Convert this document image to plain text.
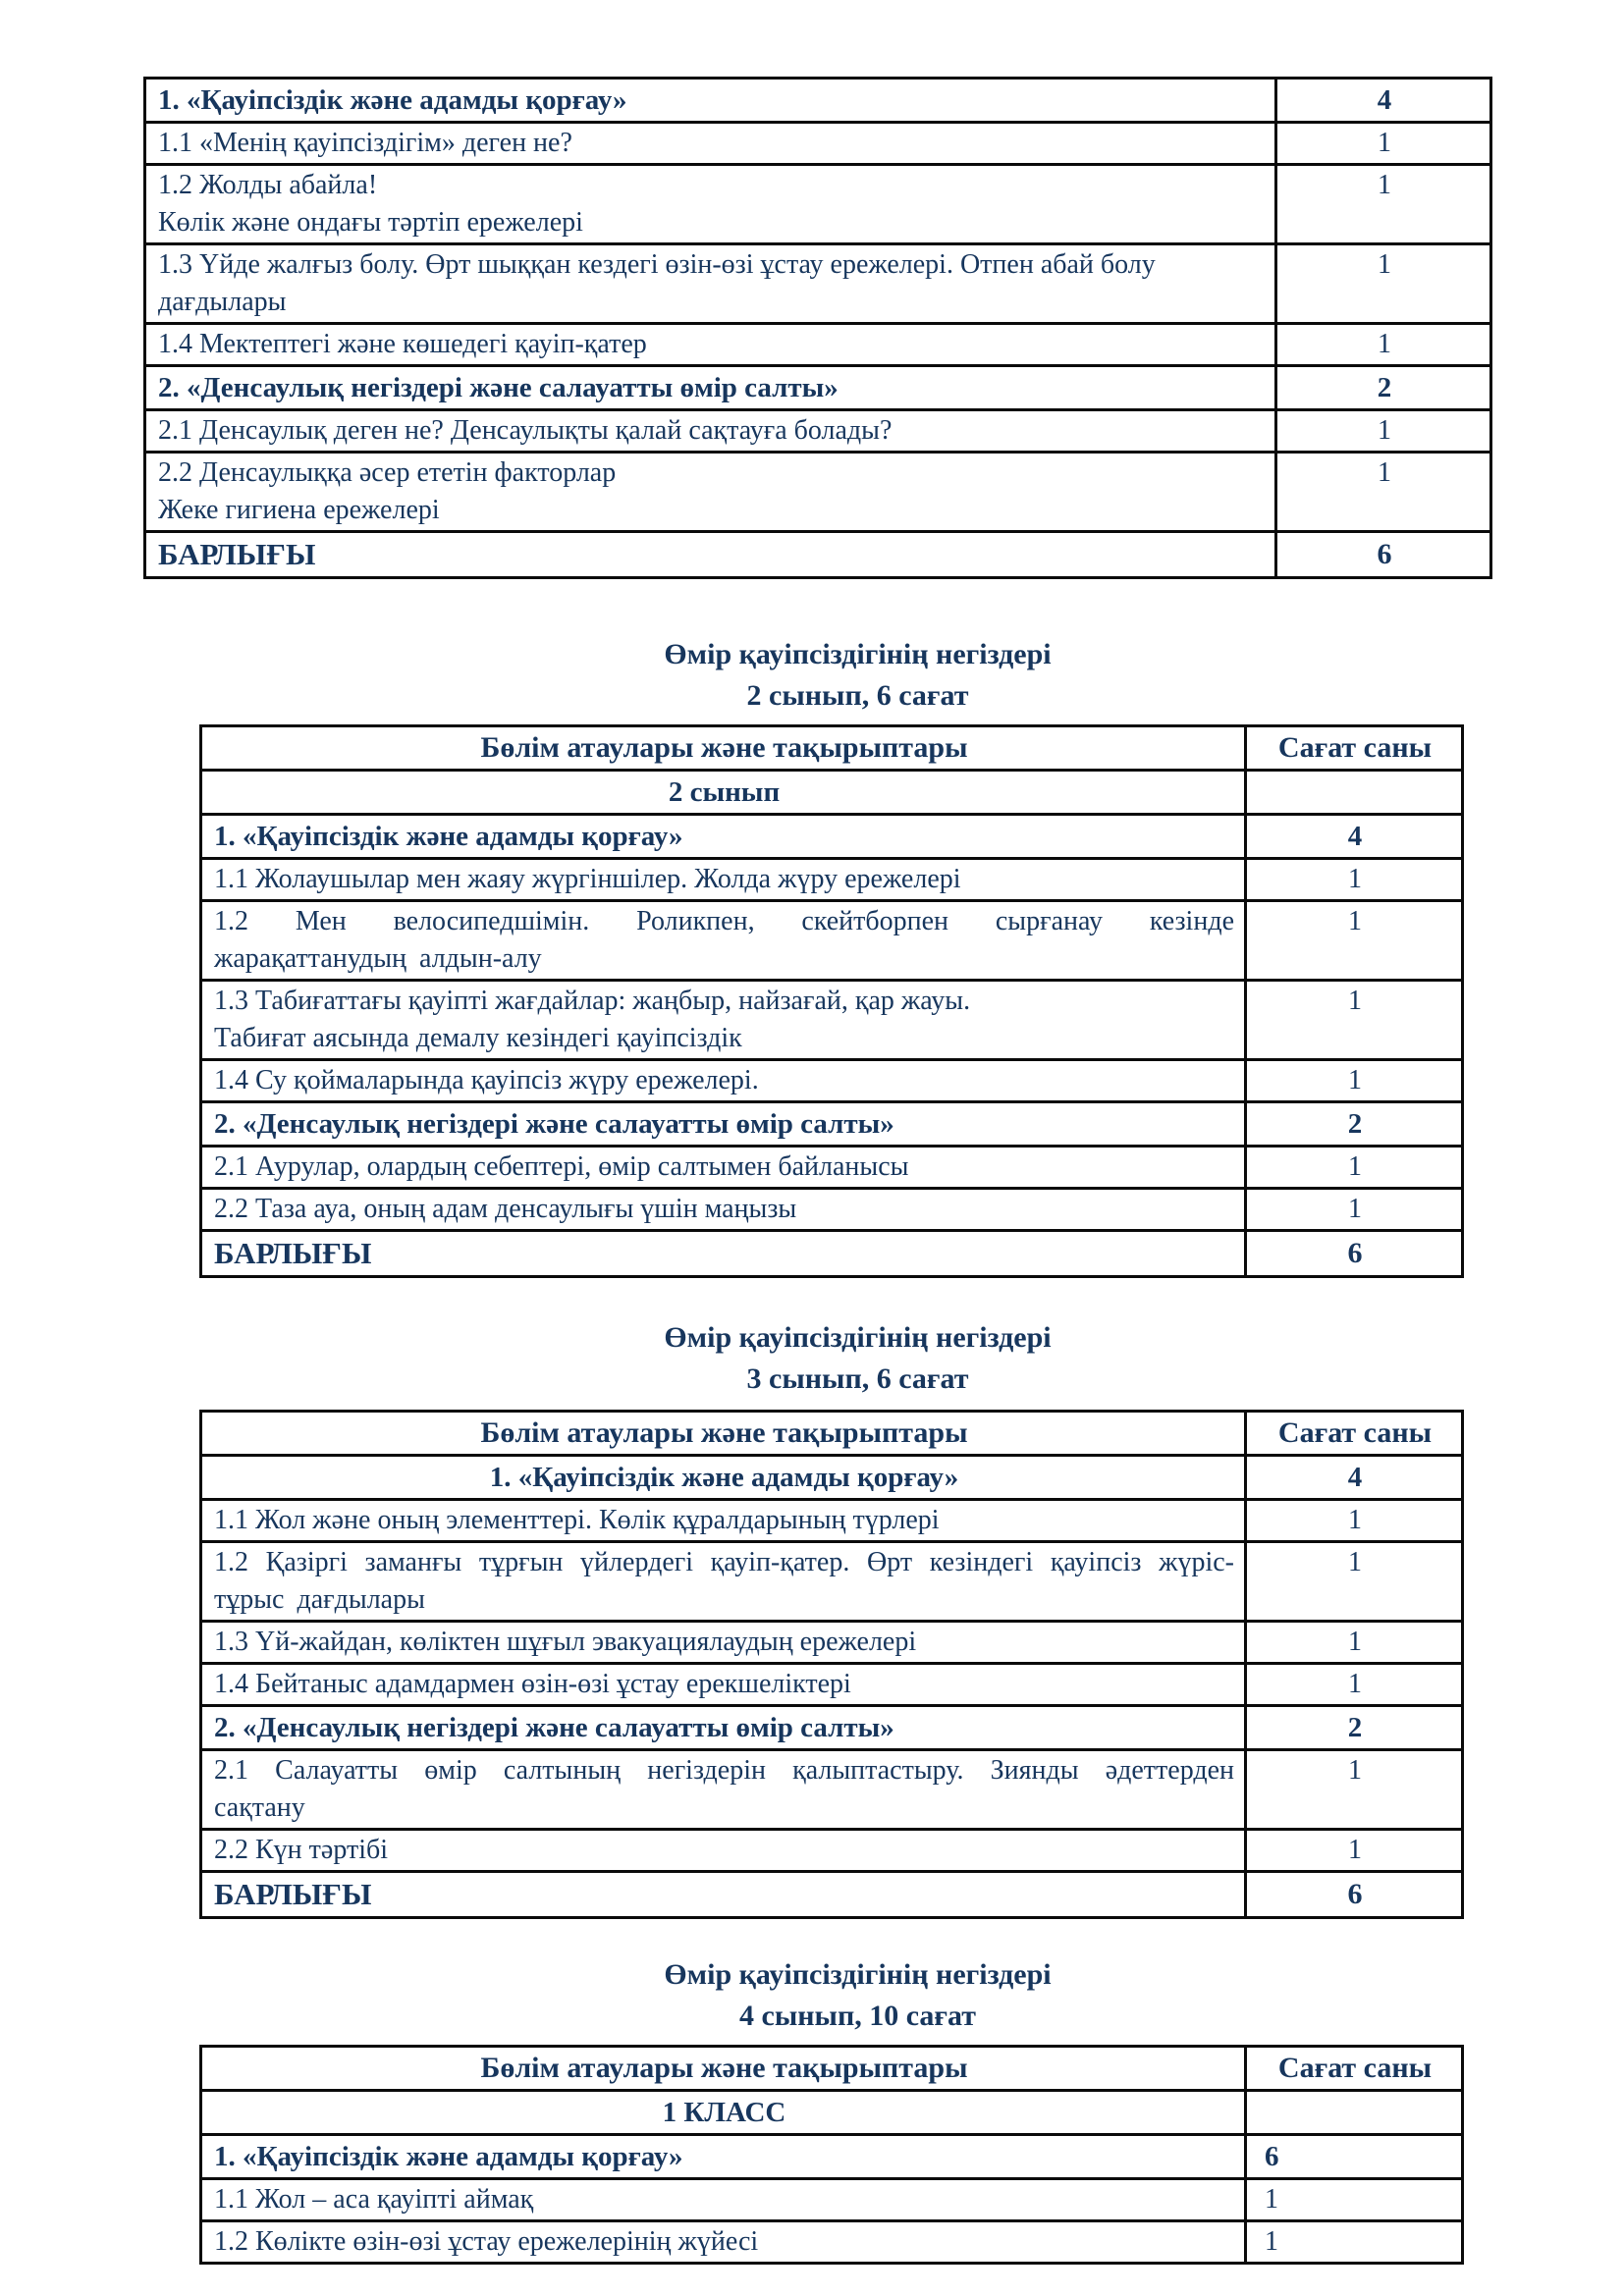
1. «Қауіпсіздік және адамды қорғау»	4

1.1 «Менің қауіпсіздігім» деген не?	1

1.2 Жолды абайла!
Көлік және ондағы тәртіп ережелері	1

1.3 Үйде жалғыз болу. Өрт шыққан кездегі өзін-өзі ұстау ережелері. Отпен абай болу дағдылары	1

1.4 Мектептегі және көшедегі қауіп-қатер	1

2. «Денсаулық негіздері және салауатты өмір салты»	2

2.1 Денсаулық деген не? Денсаулықты қалай сақтауға болады?	1

2.2 Денсаулыққа әсер ететін факторлар
Жеке гигиена ережелері	1

БАРЛЫҒЫ	6
Өмір қауіпсіздігінің негіздері
2 сынып, 6 сағат
Бөлім атаулары және тақырыптары	Сағат саны

2 сынып	

1. «Қауіпсіздік және адамды қорғау»	4

1.1 Жолаушылар мен жаяу жүргіншілер. Жолда жүру ережелері	1

1.2 Мен велосипедшімін. Роликпен, скейтборпен сырғанау кезінде жарақаттанудың алдын-алу	1

1.3 Табиғаттағы қауіпті жағдайлар: жаңбыр, найзағай, қар жауы.
Табиғат аясында демалу кезіндегі қауіпсіздік	1

1.4 Су қоймаларында қауіпсіз жүру ережелері.	1

2. «Денсаулық негіздері және салауатты өмір салты»	2

2.1 Аурулар, олардың себептері, өмір салтымен байланысы	1

2.2 Таза ауа, оның адам денсаулығы үшін маңызы	1

БАРЛЫҒЫ	6
Өмір қауіпсіздігінің негіздері
3 сынып, 6 сағат
Бөлім атаулары және тақырыптары	Сағат саны

1. «Қауіпсіздік және адамды қорғау»	4

1.1 Жол және оның элементтері. Көлік құралдарының түрлері	1

1.2 Қазіргі заманғы тұрғын үйлердегі қауіп-қатер. Өрт кезіндегі қауіпсіз жүріс-тұрыс дағдылары	1

1.3 Үй-жайдан, көліктен шұғыл эвакуациялаудың ережелері	1

1.4 Бейтаныс адамдармен өзін-өзі ұстау ерекшеліктері	1

2. «Денсаулық негіздері және салауатты өмір салты»	2

2.1 Салауатты өмір салтының негіздерін қалыптастыру. Зиянды әдеттерден сақтану	1

2.2 Күн тәртібі	1

БАРЛЫҒЫ	6
Өмір қауіпсіздігінің негіздері
4 сынып, 10 сағат
Бөлім атаулары және тақырыптары	Сағат саны

1 КЛАСС	

1. «Қауіпсіздік және адамды қорғау»	6

1.1 Жол – аса қауіпті аймақ	1

1.2 Көлікте өзін-өзі ұстау ережелерінің жүйесі	1
